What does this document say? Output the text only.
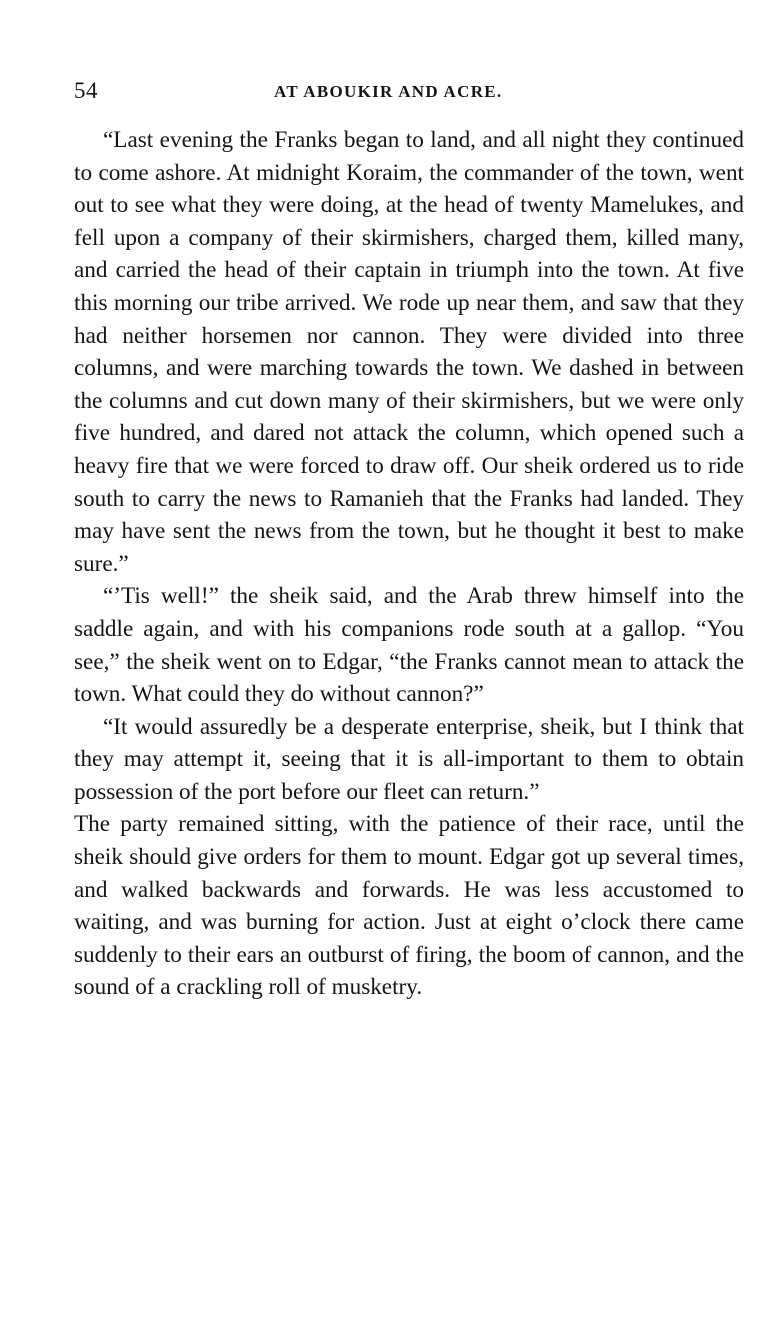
54	AT ABOUKIR AND ACRE.

“Last evening the Franks began to land, and all night they continued to come ashore. At midnight Koraim, the commander of the town, went out to see what they were doing, at the head of twenty Mamelukes, and fell upon a company of their skirmishers, charged them, killed many, and carried the head of their captain in triumph into the town. At five this morning our tribe arrived. We rode up near them, and saw that they had neither horsemen nor cannon. They were divided into three columns, and were marching towards the town. We dashed in between the columns and cut down many of their skirmishers, but we were only five hundred, and dared not attack the column, which opened such a heavy fire that we were forced to draw off. Our sheik ordered us to ride south to carry the news to Ramanieh that the Franks had landed. They may have sent the news from the town, but he thought it best to make sure.”

“’Tis well!” the sheik said, and the Arab threw himself into the saddle again, and with his companions rode south at a gallop. “You see,” the sheik went on to Edgar, “the Franks cannot mean to attack the town. What could they do without cannon?”

“It would assuredly be a desperate enterprise, sheik, but I think that they may attempt it, seeing that it is all-important to them to obtain possession of the port before our fleet can return.”

The party remained sitting, with the patience of their race, until the sheik should give orders for them to mount. Edgar got up several times, and walked backwards and forwards. He was less accustomed to waiting, and was burning for action. Just at eight o’clock there came suddenly to their ears an outburst of firing, the boom of cannon, and the sound of a crackling roll of musketry.
